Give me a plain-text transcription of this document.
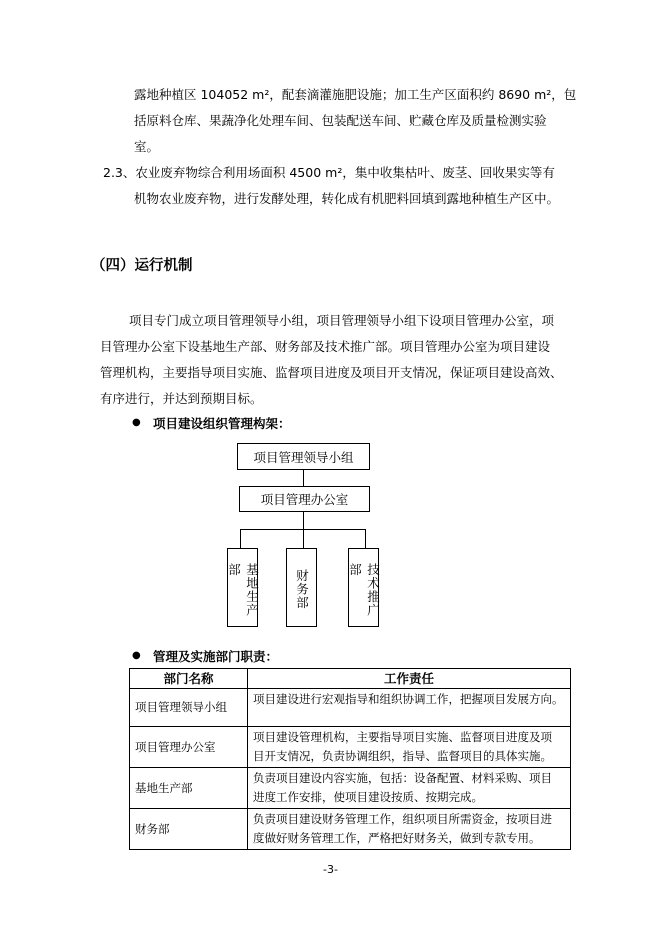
露地种植区 104052 m²，配套滴灌施肥设施；加工生产区面积约 8690 m²，包
括原料仓库、果蔬净化处理车间、包装配送车间、贮藏仓库及质量检测实验
室。
2.3、农业废弃物综合利用场面积 4500 m²，集中收集枯叶、废茎、回收果实等有
机物农业废弃物，进行发酵处理，转化成有机肥料回填到露地种植生产区中。
（四）运行机制
项目专门成立项目管理领导小组，项目管理领导小组下设项目管理办公室，项
目管理办公室下设基地生产部、财务部及技术推广部。项目管理办公室为项目建设
管理机构，主要指导项目实施、监督项目进度及项目开支情况，保证项目建设高效、
有序进行，并达到预期目标。
● 项目建设组织管理构架：
项目管理领导小组
项目管理办公室
基地生产部	财务部	技术推广部
● 管理及实施部门职责：
部门名称	工作责任
项目管理领导小组	项目建设进行宏观指导和组织协调工作，把握项目发展方向。

项目管理办公室	项目建设管理机构，主要指导项目实施、监督项目进度及项
目开支情况，负责协调组织，指导、监督项目的具体实施。

基地生产部	负责项目建设内容实施，包括：设备配置、材料采购、项目
进度工作安排，使项目建设按质、按期完成。

财务部	负责项目建设财务管理工作，组织项目所需资金，按项目进
度做好财务管理工作，严格把好财务关，做到专款专用。
-3-
